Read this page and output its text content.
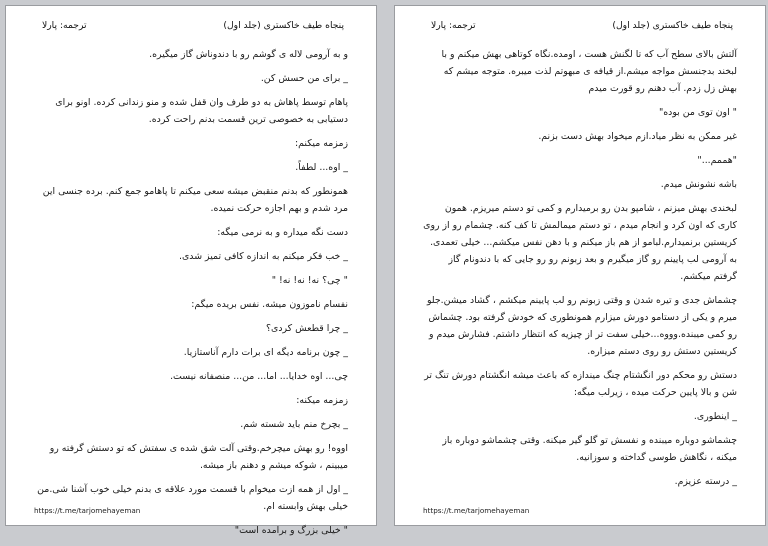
پنجاه طیف خاکستری (جلد اول)
ترجمه: پارلا

و به آرومی لاله ی گوشم رو با دندوناش گاز میگیره.

_ برای من حسش کن.

پاهام توسط پاهاش به دو طرف وان قفل شده و منو زندانی کرده. اونو برای دستیابی به خصوصی ترین قسمت بدنم راحت کرده.

زمزمه میکنم:

_ اوه... لطفاً.

همونطور که بدنم منقبض میشه سعی میکنم تا پاهامو جمع کنم. برده جنسی این مرد شدم و بهم اجازه حرکت نمیده.

دست نگه میداره و به نرمی میگه:

_ خب فکر میکنم به اندازه کافی تمیز شدی.

" چی؟ نه! نه! نه! "

نفسام ناموزون میشه. نفس بریده میگم:

_ چرا قطعش کردی؟

_ چون برنامه دیگه ای برات دارم آناستازیا.

چی... اوه خدایا... اما... من... منصفانه نیست.

زمزمه میکنه:

_ بچرخ منم باید شسته شم.

اووه! رو بهش میچرخم.وقتی آلت شق شده ی سفتش که تو دستش گرفته رو میبینم ، شوکه میشم و دهنم باز میشه.

_ اول از همه ازت میخوام با قسمت مورد علاقه ی بدنم خیلی خوب آشنا شی.من خیلی بهش وابسته ام.

" خیلی بزرگ و برامده است"

https://t.me/tarjomehayeman
پنجاه طیف خاکستری (جلد اول)
ترجمه: پارلا

آلتش بالای سطح آب که تا لگنش هست ، اومده.نگاه کوتاهی بهش میکنم و با لبخند بدجنسش مواجه میشم.از قیافه ی مبهوتم لذت میبره. متوجه میشم که بهش زل زدم. آب دهنم رو قورت میدم

" اون توی من بوده"

غیر ممکن به نظر میاد.ازم میخواد بهش دست بزنم.

"هممم..."

باشه نشونش میدم.

لبخندی بهش میزنم ، شامپو بدن رو برمیدارم و کمی تو دستم میریزم. همون کاری که اون کرد و انجام میدم ، تو دستم میمالمش تا کف کنه. چشمام رو از روی کریستین برنمیدارم.لبامو از هم باز میکنم و با دهن نفس میکشم... خیلی تعمدی. به آرومی لب پایینم رو گاز میگیرم و بعد زبونم رو رو جایی که با دندونام گاز گرفتم میکشم.

چشماش جدی و تیره شدن و وقتی زبونم رو لب پایینم میکشم ، گشاد میشن.جلو میرم و یکی از دستامو دورش میزارم همونطوری که خودش گرفته بود. چشماش رو کمی میبنده.وووه...خیلی سفت تر از چیزیه که انتظار داشتم. فشارش میدم و کریستین دستش رو روی دستم میزاره.

دستش رو محکم دور انگشتام چنگ میندازه که باعث میشه انگشتام دورش تنگ تر شن و بالا پایین حرکت میده ، زیرلب میگه:

_ اینطوری.

چشماشو دوباره میبنده و نفسش تو گلو گیر میکنه. وقتی چشماشو دوباره باز میکنه ، نگاهش طوسی گداخته و سوزانیه.

_ درسته عزیزم.

https://t.me/tarjomehayeman
